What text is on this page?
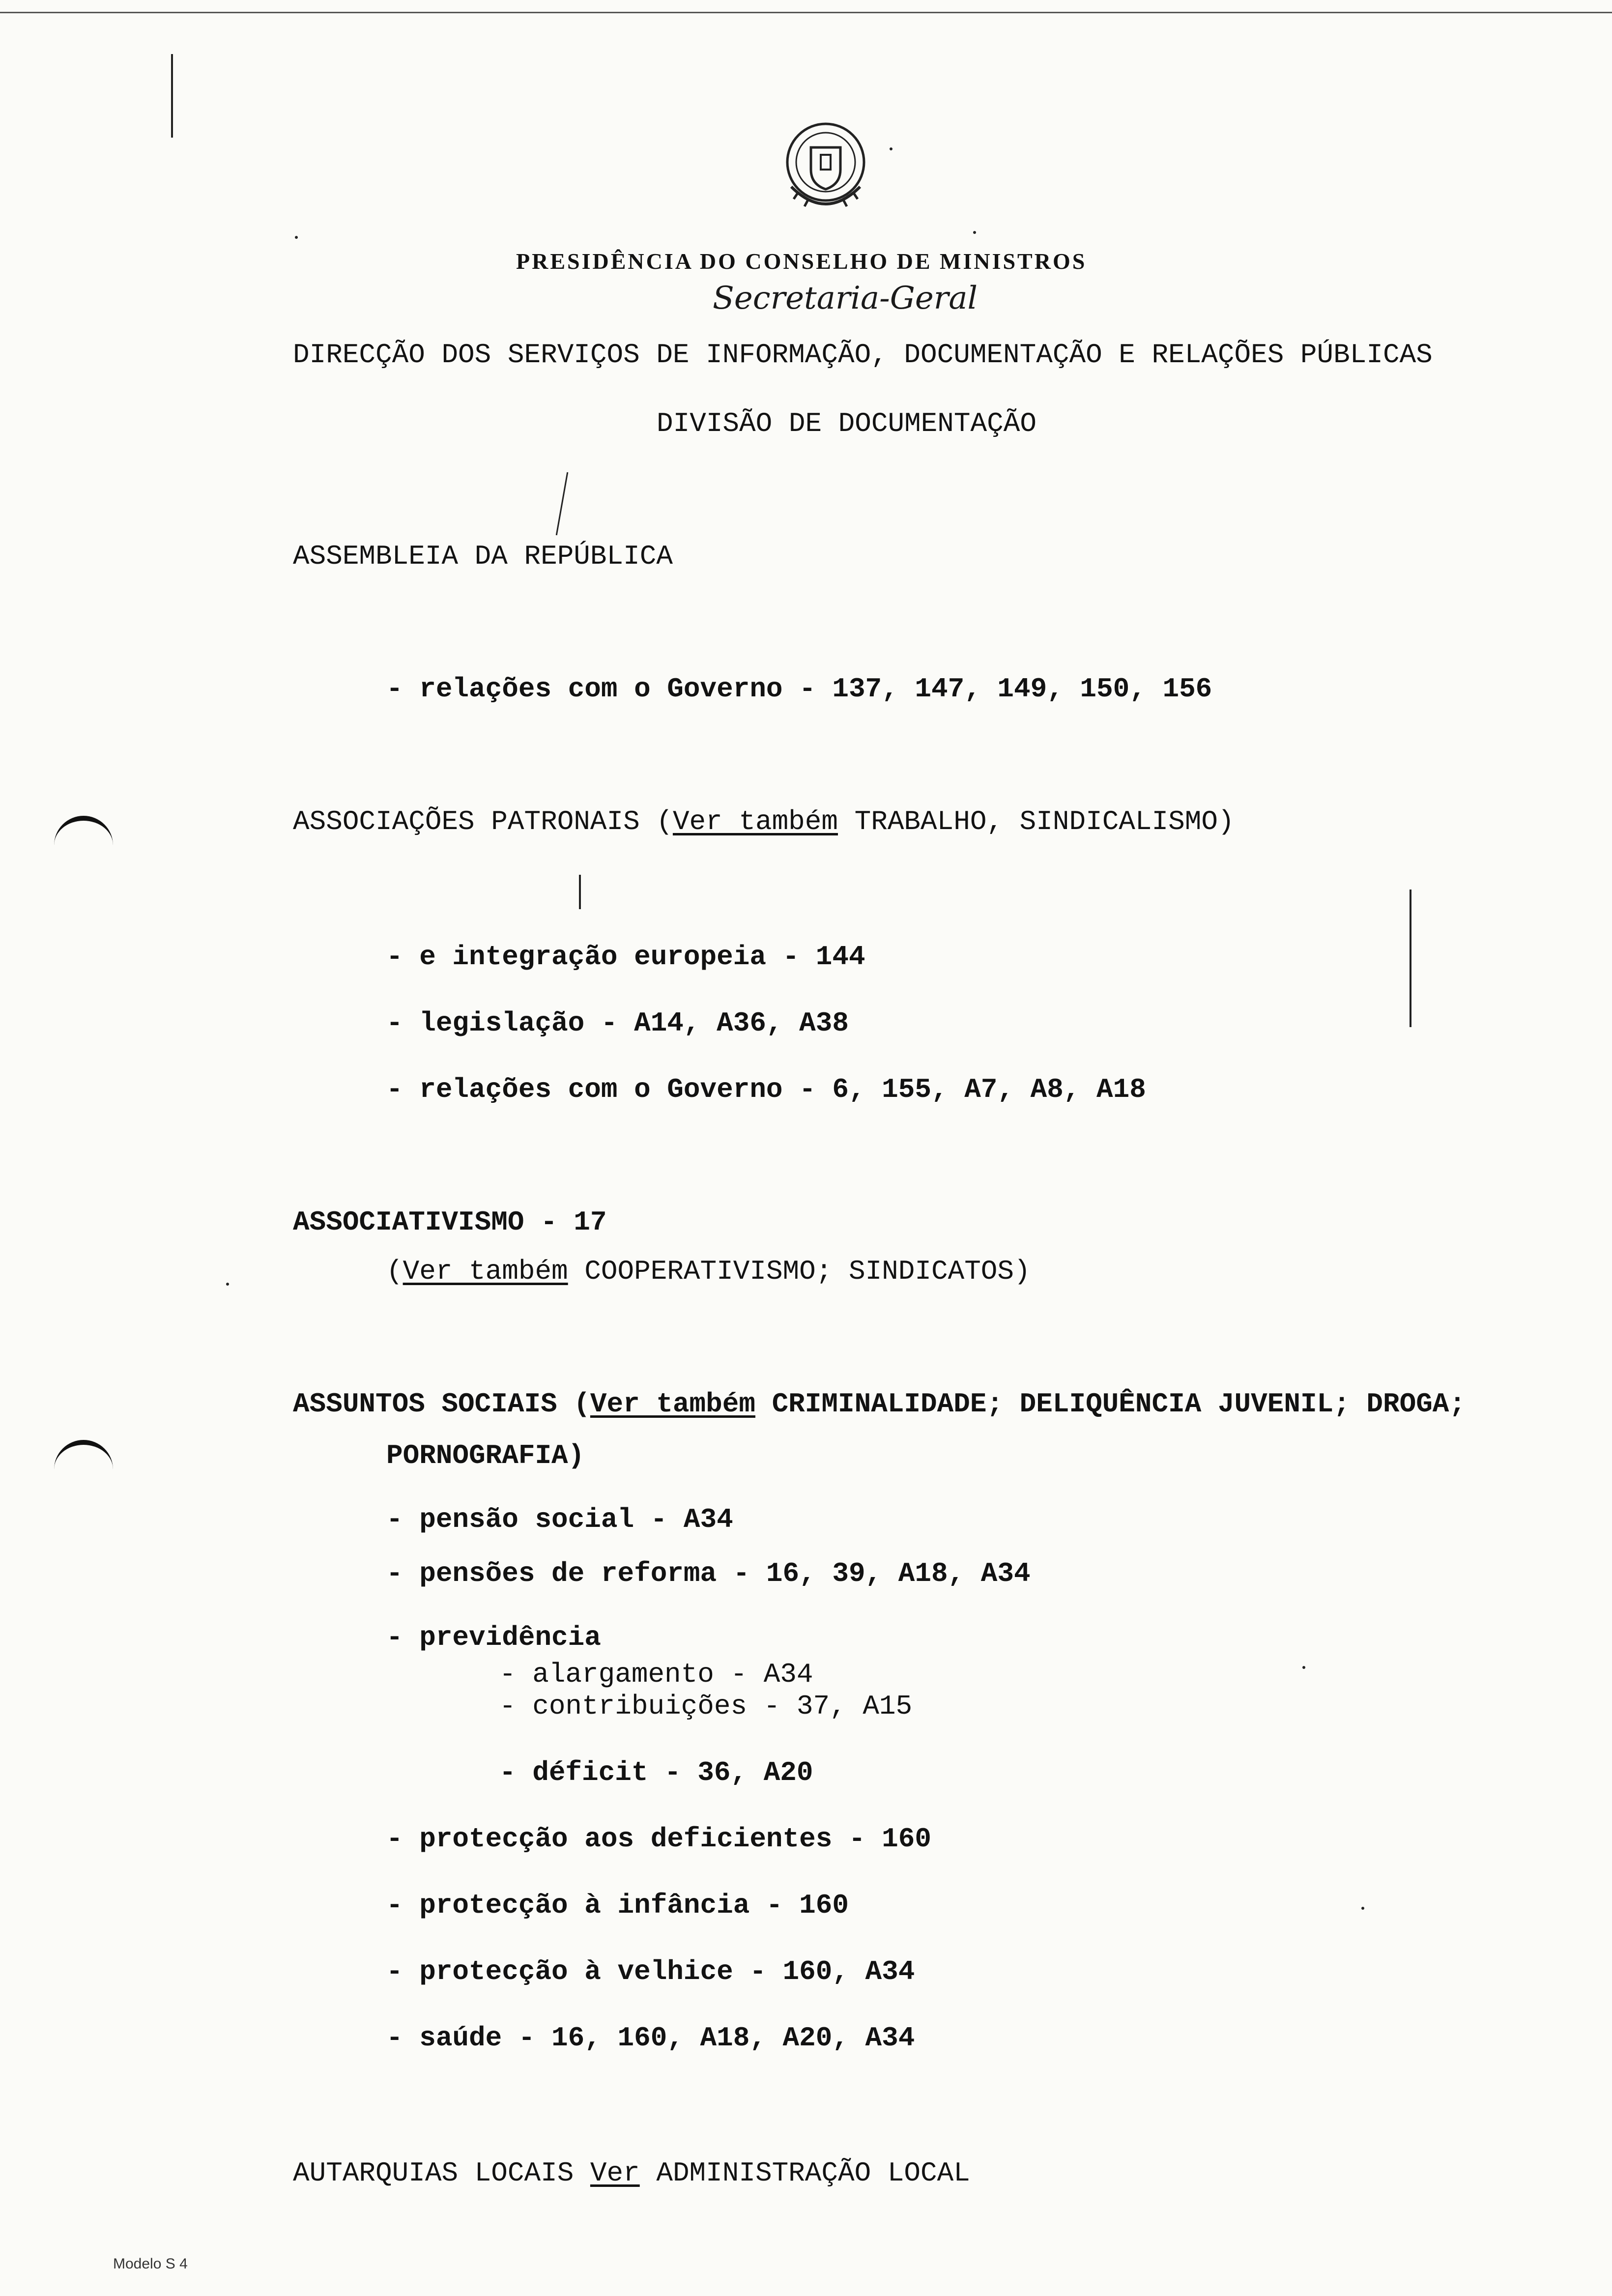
PRESIDÊNCIA DO CONSELHO DE MINISTROS
Secretaria-Geral
DIRECÇÃO DOS SERVIÇOS DE INFORMAÇÃO, DOCUMENTAÇÃO E RELAÇÕES PÚBLICAS
DIVISÃO DE DOCUMENTAÇÃO
ASSEMBLEIA DA REPÚBLICA
- relações com o Governo - 137, 147, 149, 150, 156
ASSOCIAÇÕES PATRONAIS (Ver também TRABALHO, SINDICALISMO)
- e integração europeia - 144
- legislação - A14, A36, A38
- relações com o Governo - 6, 155, A7, A8, A18
ASSOCIATIVISMO - 17
(Ver também COOPERATIVISMO; SINDICATOS)
ASSUNTOS SOCIAIS (Ver também CRIMINALIDADE; DELIQUÊNCIA JUVENIL; DROGA;
PORNOGRAFIA)
- pensão social - A34
- pensões de reforma - 16, 39, A18, A34
- previdência
- alargamento - A34
- contribuições - 37, A15
- déficit - 36, A20
- protecção aos deficientes - 160
- protecção à infância - 160
- protecção à velhice - 160, A34
- saúde - 16, 160, A18, A20, A34
AUTARQUIAS LOCAIS Ver ADMINISTRAÇÃO LOCAL
Modelo S 4
